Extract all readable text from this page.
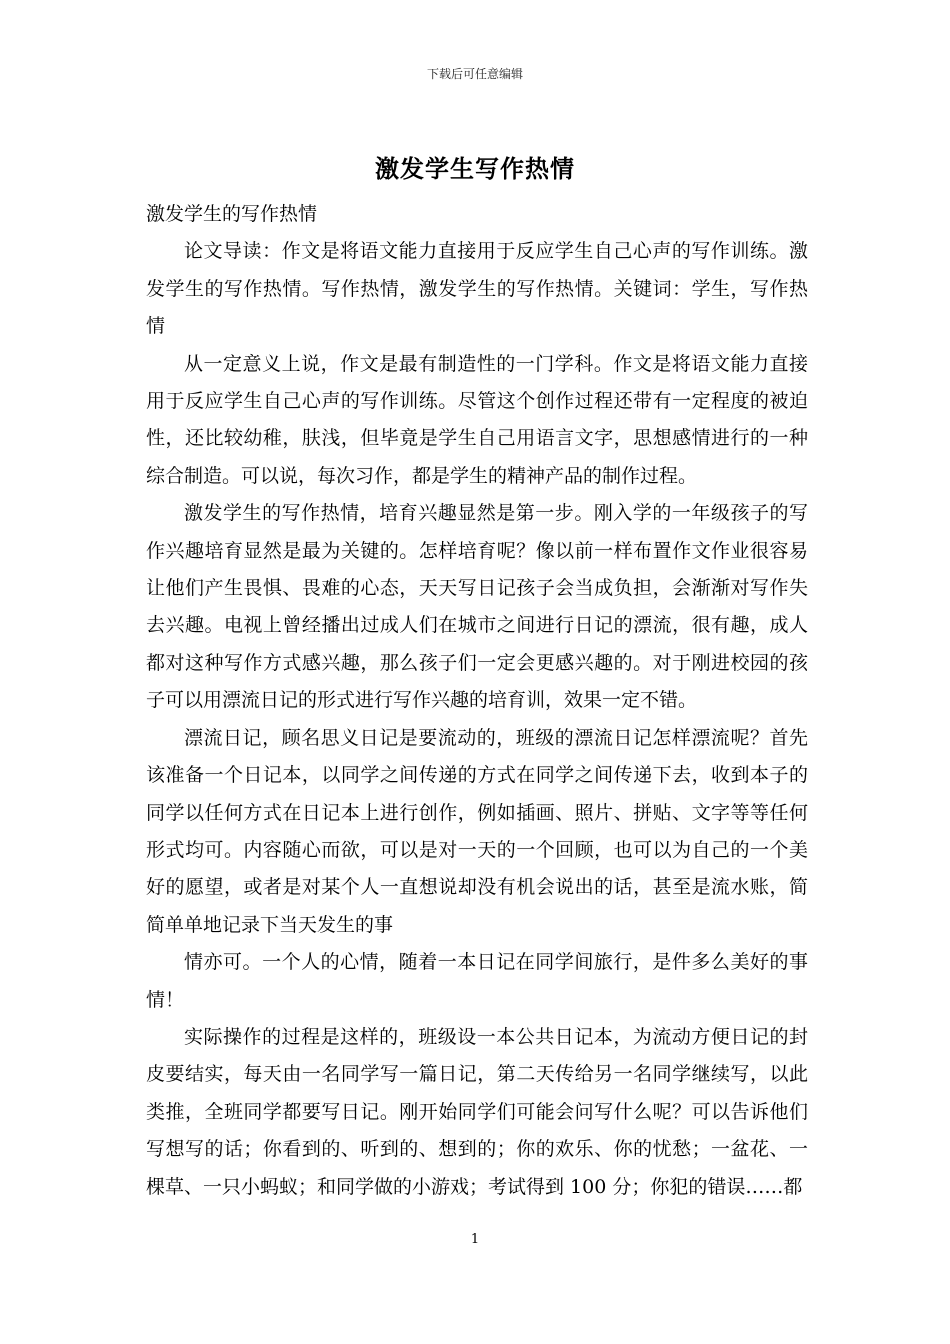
下载后可任意编辑
激发学生写作热情

激发学生的写作热情

论文导读：作文是将语文能力直接用于反应学生自己心声的写作训练。激发学生的写作热情。写作热情，激发学生的写作热情。关键词：学生，写作热情

从一定意义上说，作文是最有制造性的一门学科。作文是将语文能力直接用于反应学生自己心声的写作训练。尽管这个创作过程还带有一定程度的被迫性，还比较幼稚，肤浅，但毕竟是学生自己用语言文字，思想感情进行的一种综合制造。可以说，每次习作，都是学生的精神产品的制作过程。

激发学生的写作热情，培育兴趣显然是第一步。刚入学的一年级孩子的写作兴趣培育显然是最为关键的。怎样培育呢？像以前一样布置作文作业很容易让他们产生畏惧、畏难的心态，天天写日记孩子会当成负担，会渐渐对写作失去兴趣。电视上曾经播出过成人们在城市之间进行日记的漂流，很有趣，成人都对这种写作方式感兴趣，那么孩子们一定会更感兴趣的。对于刚进校园的孩子可以用漂流日记的形式进行写作兴趣的培育训，效果一定不错。

漂流日记，顾名思义日记是要流动的，班级的漂流日记怎样漂流呢？首先该准备一个日记本，以同学之间传递的方式在同学之间传递下去，收到本子的同学以任何方式在日记本上进行创作，例如插画、照片、拼贴、文字等等任何形式均可。内容随心而欲，可以是对一天的一个回顾，也可以为自己的一个美好的愿望，或者是对某个人一直想说却没有机会说出的话，甚至是流水账，简简单单地记录下当天发生的事

情亦可。一个人的心情，随着一本日记在同学间旅行，是件多么美好的事情！

实际操作的过程是这样的，班级设一本公共日记本，为流动方便日记的封皮要结实，每天由一名同学写一篇日记，第二天传给另一名同学继续写，以此类推，全班同学都要写日记。刚开始同学们可能会问写什么呢？可以告诉他们写想写的话；你看到的、听到的、想到的；你的欢乐、你的忧愁；一盆花、一棵草、一只小蚂蚁；和同学做的小游戏；考试得到 100 分；你犯的错误……都

1
